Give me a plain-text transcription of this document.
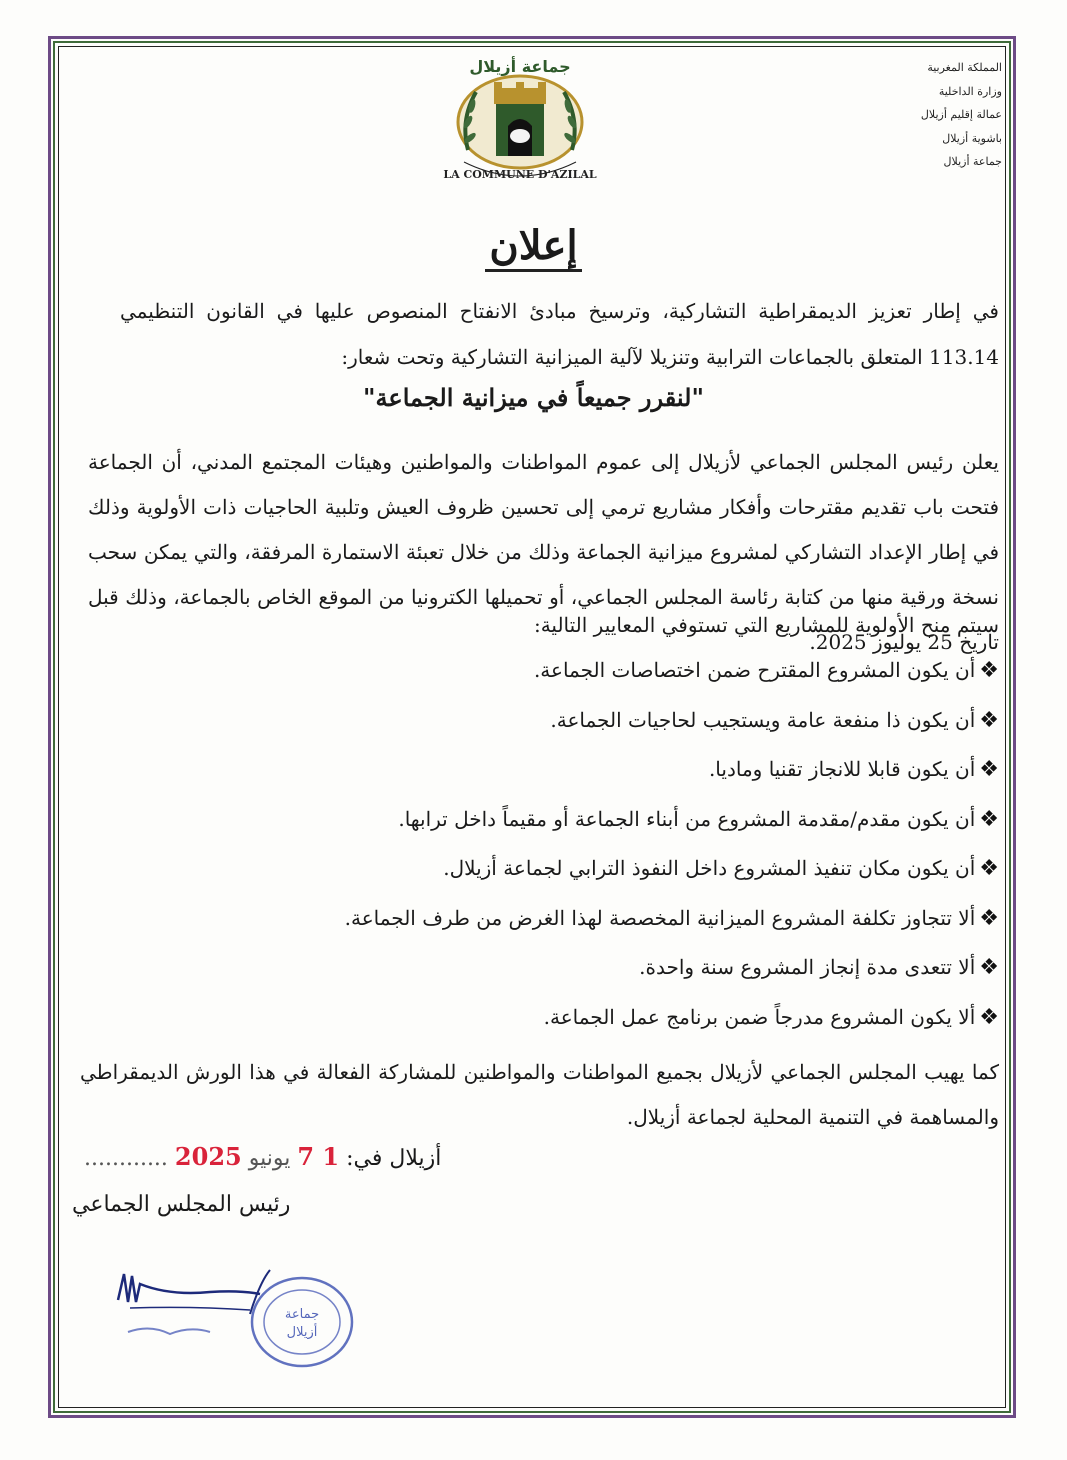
المملكة المغربية
وزارة الداخلية
عمالة إقليم أزيلال
باشوية أزيلال
جماعة أزيلال
جماعة أزيلال
LA COMMUNE D'AZILAL
إعلان
في إطار تعزيز الديمقراطية التشاركية، وترسيخ مبادئ الانفتاح المنصوص عليها في القانون التنظيمي 113.14 المتعلق بالجماعات الترابية وتنزيلا لآلية الميزانية التشاركية وتحت شعار:
"لنقرر جميعاً في ميزانية الجماعة"
يعلن رئيس المجلس الجماعي لأزيلال إلى عموم المواطنات والمواطنين وهيئات المجتمع المدني، أن الجماعة فتحت باب تقديم مقترحات وأفكار مشاريع ترمي إلى تحسين ظروف العيش وتلبية الحاجيات ذات الأولوية وذلك في إطار الإعداد التشاركي لمشروع ميزانية الجماعة وذلك من خلال تعبئة الاستمارة المرفقة، والتي يمكن سحب نسخة ورقية منها من كتابة رئاسة المجلس الجماعي، أو تحميلها الكترونيا من الموقع الخاص بالجماعة، وذلك قبل تاريخ 25 يوليوز 2025.
سيتم منح الأولوية للمشاريع التي تستوفي المعايير التالية:
❖
أن يكون المشروع المقترح ضمن اختصاصات الجماعة.
❖
أن يكون ذا منفعة عامة ويستجيب لحاجيات الجماعة.
❖
أن يكون قابلا للانجاز تقنيا وماديا.
❖
أن يكون مقدم/مقدمة المشروع من أبناء الجماعة أو مقيماً داخل ترابها.
❖
أن يكون مكان تنفيذ المشروع داخل النفوذ الترابي لجماعة أزيلال.
❖
ألا تتجاوز تكلفة المشروع الميزانية المخصصة لهذا الغرض من طرف الجماعة.
❖
ألا تتعدى مدة إنجاز المشروع سنة واحدة.
❖
ألا يكون المشروع مدرجاً ضمن برنامج عمل الجماعة.
كما يهيب المجلس الجماعي لأزيلال بجميع المواطنات والمواطنين للمشاركة الفعالة في هذا الورش الديمقراطي والمساهمة في التنمية المحلية لجماعة أزيلال.
أزيلال في: 1 7 يونيو 2025 ............
رئيس المجلس الجماعي
جماعة
أزيلال
